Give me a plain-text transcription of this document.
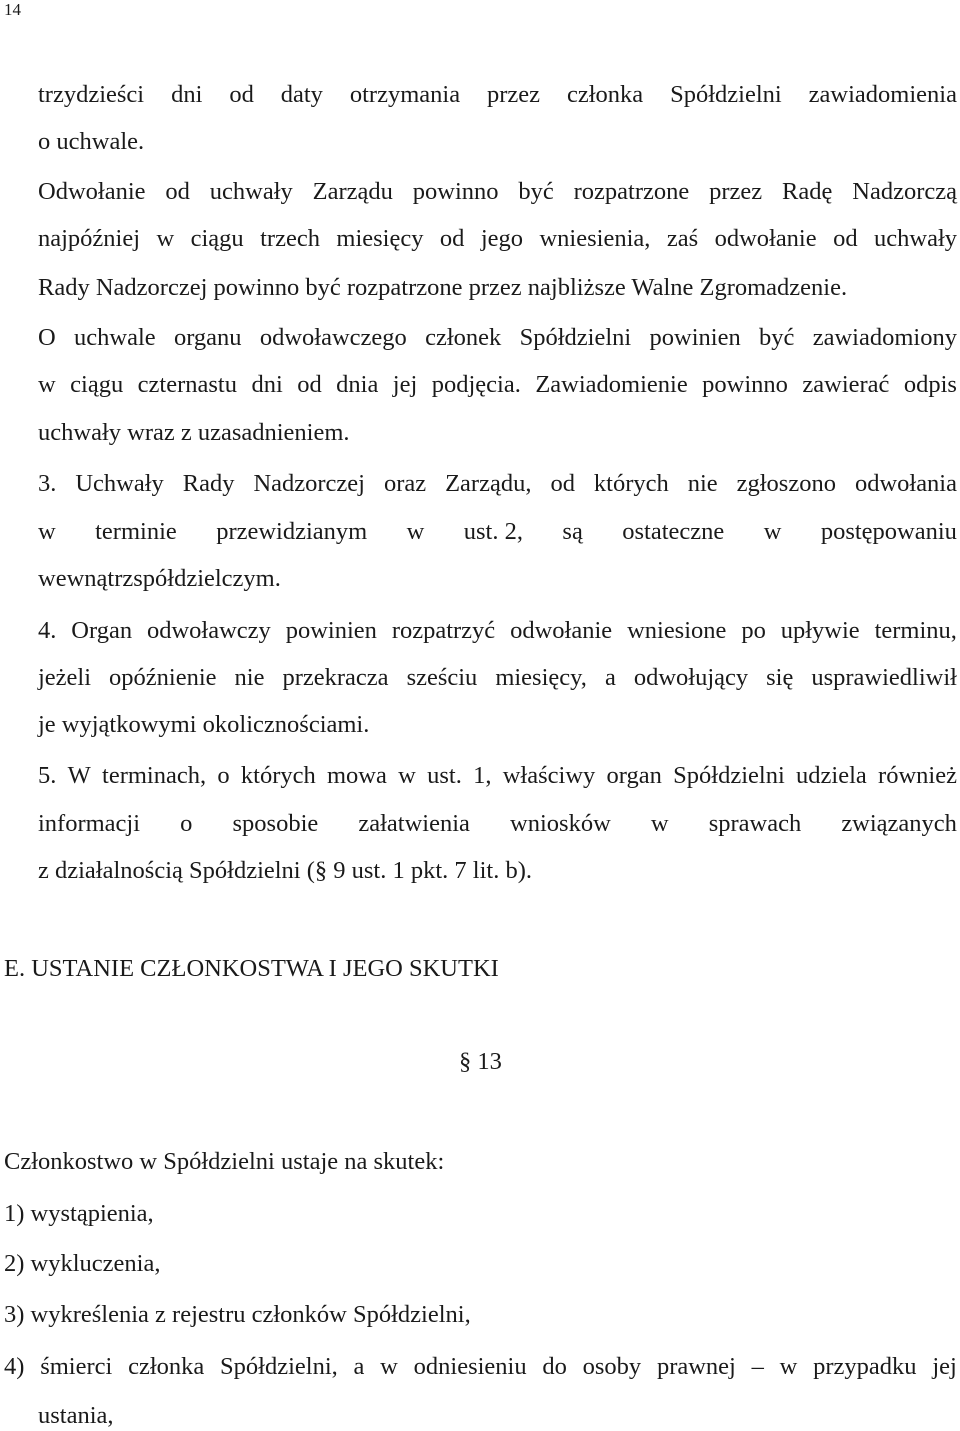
14
trzydzieści dni od daty otrzymania przez członka Spółdzielni zawiadomienia
o uchwale.
Odwołanie od uchwały Zarządu powinno być rozpatrzone przez Radę Nadzorczą
najpóźniej w ciągu trzech miesięcy od jego wniesienia, zaś odwołanie od uchwały
Rady Nadzorczej powinno być rozpatrzone przez najbliższe Walne Zgromadzenie.
O uchwale organu odwoławczego członek Spółdzielni powinien być zawiadomiony
w ciągu czternastu dni od dnia jej podjęcia. Zawiadomienie powinno zawierać odpis
uchwały wraz z uzasadnieniem.
3. Uchwały Rady Nadzorczej oraz Zarządu, od których nie zgłoszono odwołania
w terminie przewidzianym w ust. 2, są ostateczne w postępowaniu
wewnątrzspółdzielczym.
4. Organ odwoławczy powinien rozpatrzyć odwołanie wniesione po upływie terminu,
jeżeli opóźnienie nie przekracza sześciu miesięcy, a odwołujący się usprawiedliwił
je wyjątkowymi okolicznościami.
5. W terminach, o których mowa w ust. 1, właściwy organ Spółdzielni udziela również
informacji o sposobie załatwienia wniosków w sprawach związanych
z działalnością Spółdzielni (§ 9 ust. 1 pkt. 7 lit. b).
E. USTANIE CZŁONKOSTWA I JEGO SKUTKI
§ 13
Członkostwo w Spółdzielni ustaje na skutek:
1) wystąpienia,
2) wykluczenia,
3) wykreślenia z rejestru członków Spółdzielni,
4) śmierci członka Spółdzielni, a w odniesieniu do osoby prawnej – w przypadku jej
ustania,
